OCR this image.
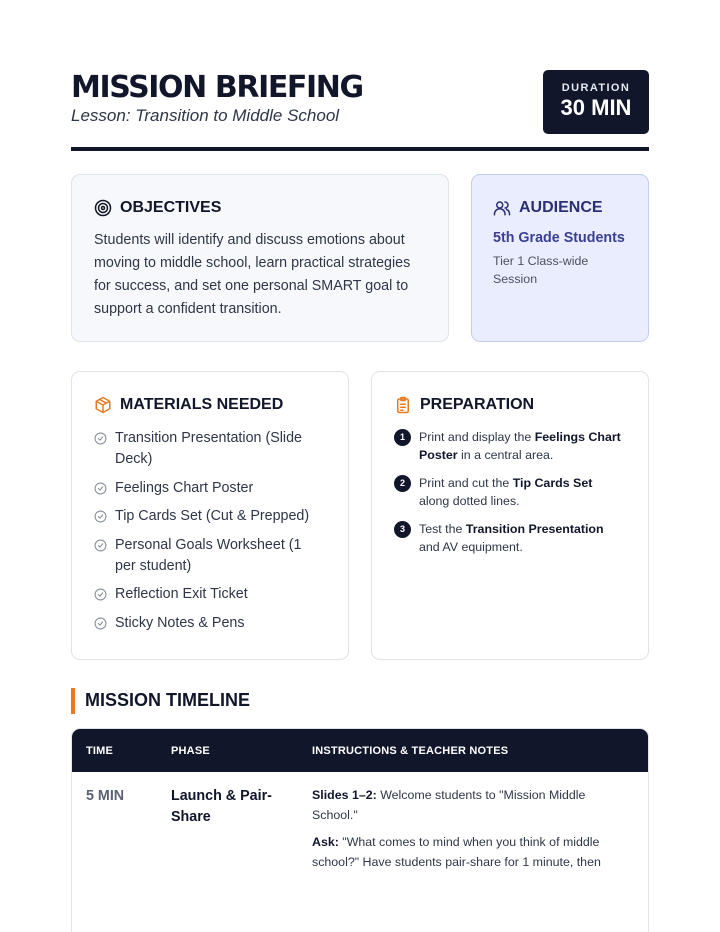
MISSION BRIEFING
Lesson: Transition to Middle School
DURATION
30 MIN
OBJECTIVES

Students will identify and discuss emotions about moving to middle school, learn practical strategies for success, and set one personal SMART goal to support a confident transition.

AUDIENCE
5th Grade Students
Tier 1 Class-wide Session
MATERIALS NEEDED
Transition Presentation (Slide Deck)
Feelings Chart Poster
Tip Cards Set (Cut & Prepped)
Personal Goals Worksheet (1 per student)
Reflection Exit Ticket
Sticky Notes & Pens
PREPARATION
1	Print and display the Feelings Chart Poster in a central area.
2	Print and cut the Tip Cards Set along dotted lines.
3	Test the Transition Presentation and AV equipment.
MISSION TIMELINE
TIME	PHASE	INSTRUCTIONS & TEACHER NOTES
5 MIN	Launch & Pair-Share

Slides 1–2: Welcome students to "Mission Middle School."

Ask: "What comes to mind when you think of middle school?" Have students pair-share for 1 minute, then
